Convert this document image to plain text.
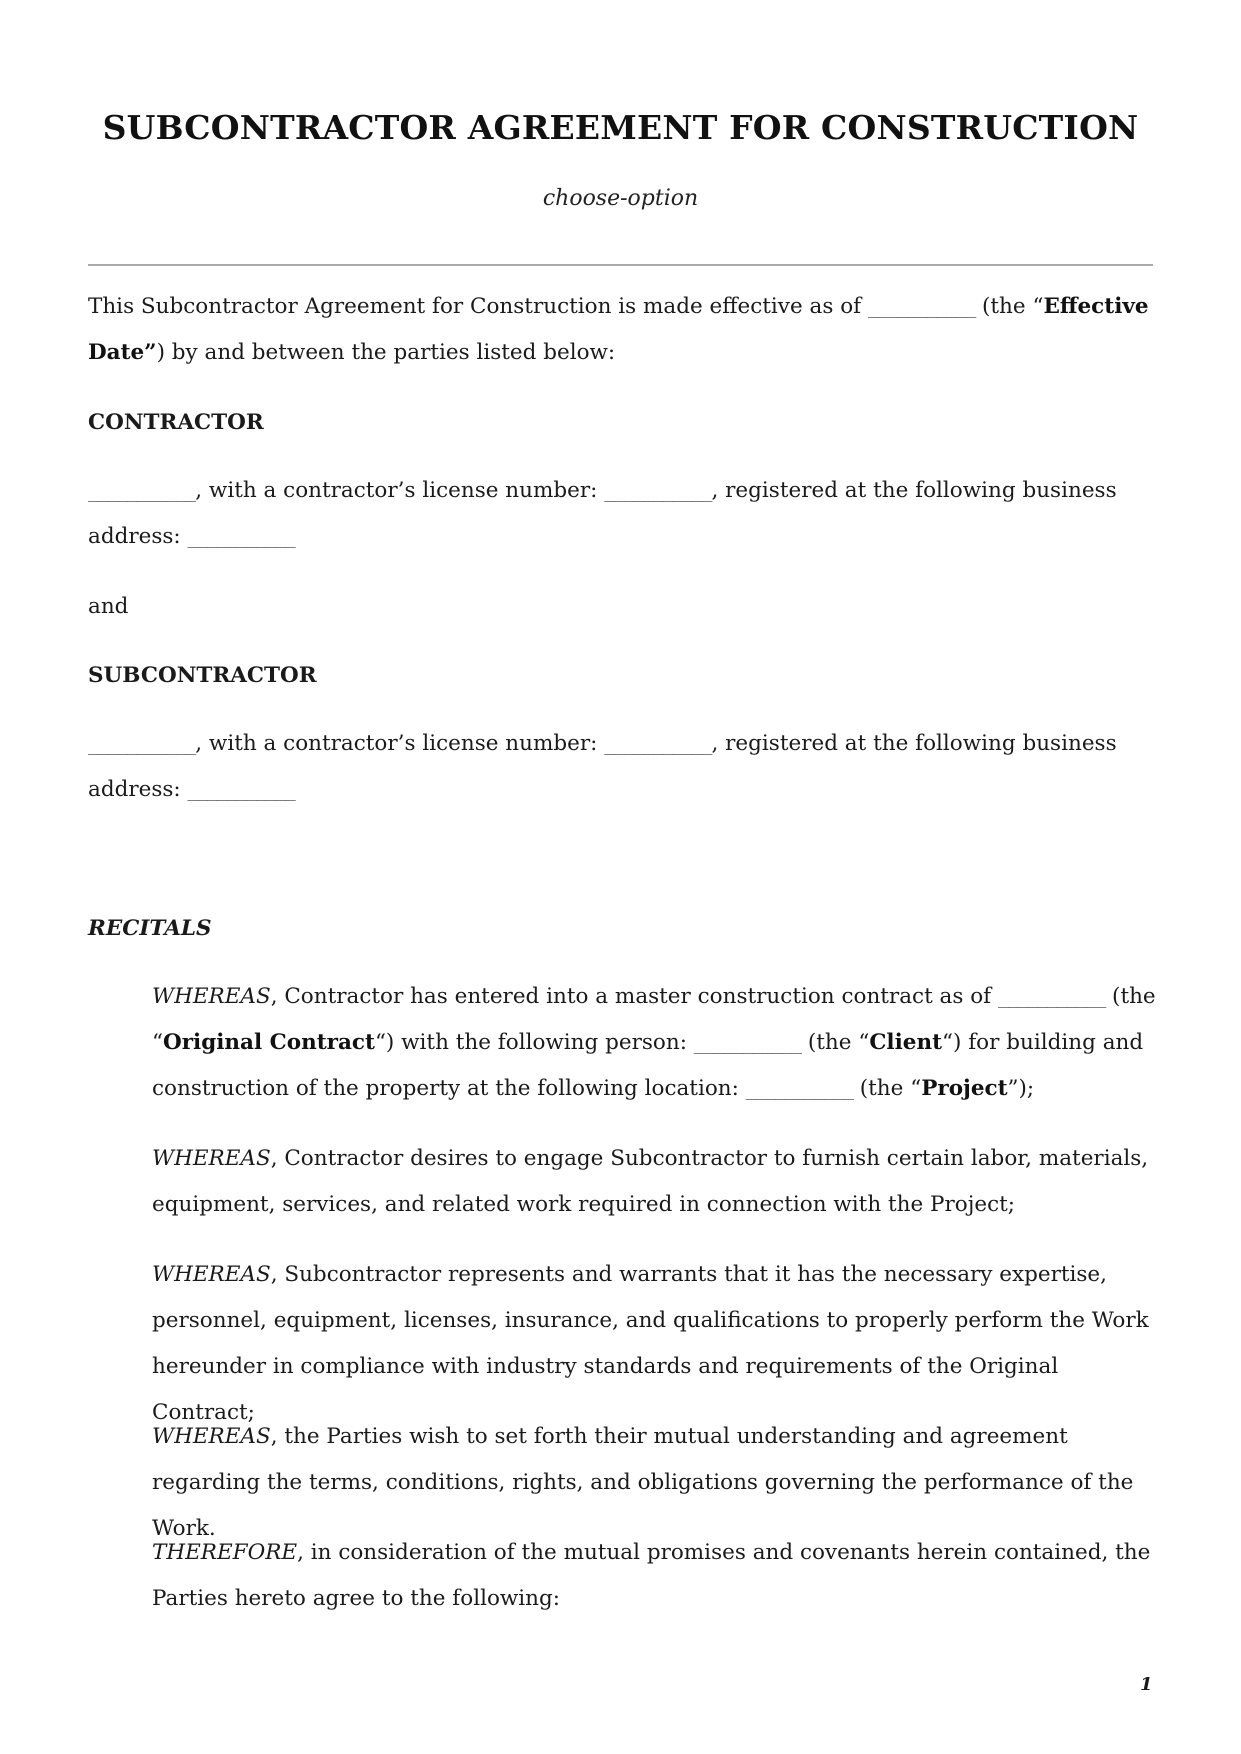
SUBCONTRACTOR AGREEMENT FOR CONSTRUCTION
choose-option
This Subcontractor Agreement for Construction is made effective as of ___________ (the “Effective Date”) by and between the parties listed below:
CONTRACTOR
___________, with a contractor’s license number: ___________, registered at the following business address: ___________
and
SUBCONTRACTOR
___________, with a contractor’s license number: ___________, registered at the following business address: ___________
RECITALS
WHEREAS, Contractor has entered into a master construction contract as of ___________ (the “Original Contract“) with the following person: ___________ (the “Client“) for building and construction of the property at the following location: ___________ (the “Project”);
WHEREAS, Contractor desires to engage Subcontractor to furnish certain labor, materials, equipment, services, and related work required in connection with the Project;
WHEREAS, Subcontractor represents and warrants that it has the necessary expertise, personnel, equipment, licenses, insurance, and qualifications to properly perform the Work hereunder in compliance with industry standards and requirements of the Original Contract;
WHEREAS, the Parties wish to set forth their mutual understanding and agreement regarding the terms, conditions, rights, and obligations governing the performance of the Work.
THEREFORE, in consideration of the mutual promises and covenants herein contained, the Parties hereto agree to the following:
1
